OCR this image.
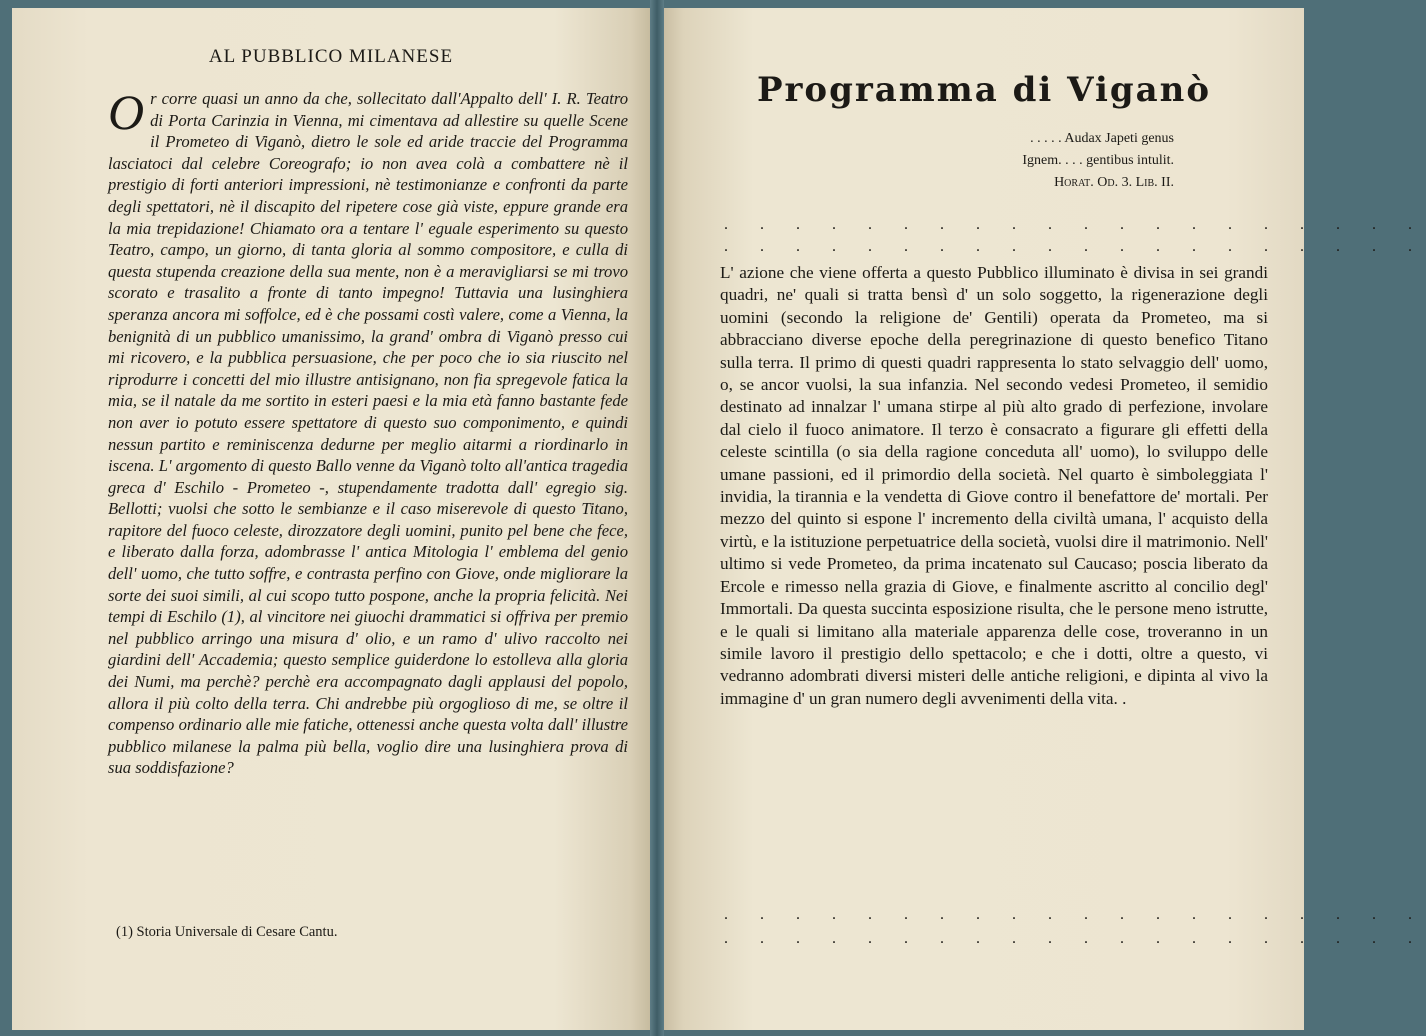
AL PUBBLICO MILANESE
Or corre quasi un anno da che, sollecitato dall'Appalto dell' I. R. Teatro di Porta Carinzia in Vienna, mi cimentava ad allestire su quelle Scene il Prometeo di Viganò, dietro le sole ed aride traccie del Programma lasciatoci dal celebre Coreografo; io non avea colà a combattere nè il prestigio di forti anteriori impressioni, nè testimonianze e confronti da parte degli spettatori, nè il discapito del ripetere cose già viste, eppure grande era la mia trepidazione! Chiamato ora a tentare l' eguale esperimento su questo Teatro, campo, un giorno, di tanta gloria al sommo compositore, e culla di questa stupenda creazione della sua mente, non è a meravigliarsi se mi trovo scorato e trasalito a fronte di tanto impegno! Tuttavia una lusinghiera speranza ancora mi soffolce, ed è che possami costì valere, come a Vienna, la benignità di un pubblico umanissimo, la grand' ombra di Viganò presso cui mi ricovero, e la pubblica persuasione, che per poco che io sia riuscito nel riprodurre i concetti del mio illustre antisignano, non fia spregevole fatica la mia, se il natale da me sortito in esteri paesi e la mia età fanno bastante fede non aver io potuto essere spettatore di questo suo componimento, e quindi nessun partito e reminiscenza dedurne per meglio aitarmi a riordinarlo in iscena. L' argomento di questo Ballo venne da Viganò tolto all'antica tragedia greca d' Eschilo - Prometeo -, stupendamente tradotta dall' egregio sig. Bellotti; vuolsi che sotto le sembianze e il caso miserevole di questo Titano, rapitore del fuoco celeste, dirozzatore degli uomini, punito pel bene che fece, e liberato dalla forza, adombrasse l' antica Mitologia l' emblema del genio dell' uomo, che tutto soffre, e contrasta perfino con Giove, onde migliorare la sorte dei suoi simili, al cui scopo tutto pospone, anche la propria felicità. Nei tempi di Eschilo (1), al vincitore nei giuochi drammatici si offriva per premio nel pubblico arringo una misura d' olio, e un ramo d' ulivo raccolto nei giardini dell' Accademia; questo semplice guiderdone lo estolleva alla gloria dei Numi, ma perchè? perchè era accompagnato dagli applausi del popolo, allora il più colto della terra. Chi andrebbe più orgoglioso di me, se oltre il compenso ordinario alle mie fatiche, ottenessi anche questa volta dall' illustre pubblico milanese la palma più bella, voglio dire una lusinghiera prova di sua soddisfazione?
(1) Storia Universale di Cesare Cantu.
Programma di Viganò
. . . . . Audax Japeti genus
Ignem. . . . gentibus intulit.
Horat. Od. 3. Lib. II.
. . . . . . . . . . . . . . . . . . . .
. . . . . . . . . . . . . . . . . . . .
L' azione che viene offerta a questo Pubblico illuminato è divisa in sei grandi quadri, ne' quali si tratta bensì d' un solo soggetto, la rigenerazione degli uomini (secondo la religione de' Gentili) operata da Prometeo, ma si abbracciano diverse epoche della peregrinazione di questo benefico Titano sulla terra. Il primo di questi quadri rappresenta lo stato selvaggio dell' uomo, o, se ancor vuolsi, la sua infanzia. Nel secondo vedesi Prometeo, il semidio destinato ad innalzar l' umana stirpe al più alto grado di perfezione, involare dal cielo il fuoco animatore. Il terzo è consacrato a figurare gli effetti della celeste scintilla (o sia della ragione conceduta all' uomo), lo sviluppo delle umane passioni, ed il primordio della società. Nel quarto è simboleggiata l' invidia, la tirannia e la vendetta di Giove contro il benefattore de' mortali. Per mezzo del quinto si espone l' incremento della civiltà umana, l' acquisto della virtù, e la istituzione perpetuatrice della società, vuolsi dire il matrimonio. Nell' ultimo si vede Prometeo, da prima incatenato sul Caucaso; poscia liberato da Ercole e rimesso nella grazia di Giove, e finalmente ascritto al concilio degl' Immortali. Da questa succinta esposizione risulta, che le persone meno istrutte, e le quali si limitano alla materiale apparenza delle cose, troveranno in un simile lavoro il prestigio dello spettacolo; e che i dotti, oltre a questo, vi vedranno adombrati diversi misteri delle antiche religioni, e dipinta al vivo la immagine d' un gran numero degli avvenimenti della vita. .
. . . . . . . . . . . . . . . . . . . .
. . . . . . . . . . . . . . . . . . . .
